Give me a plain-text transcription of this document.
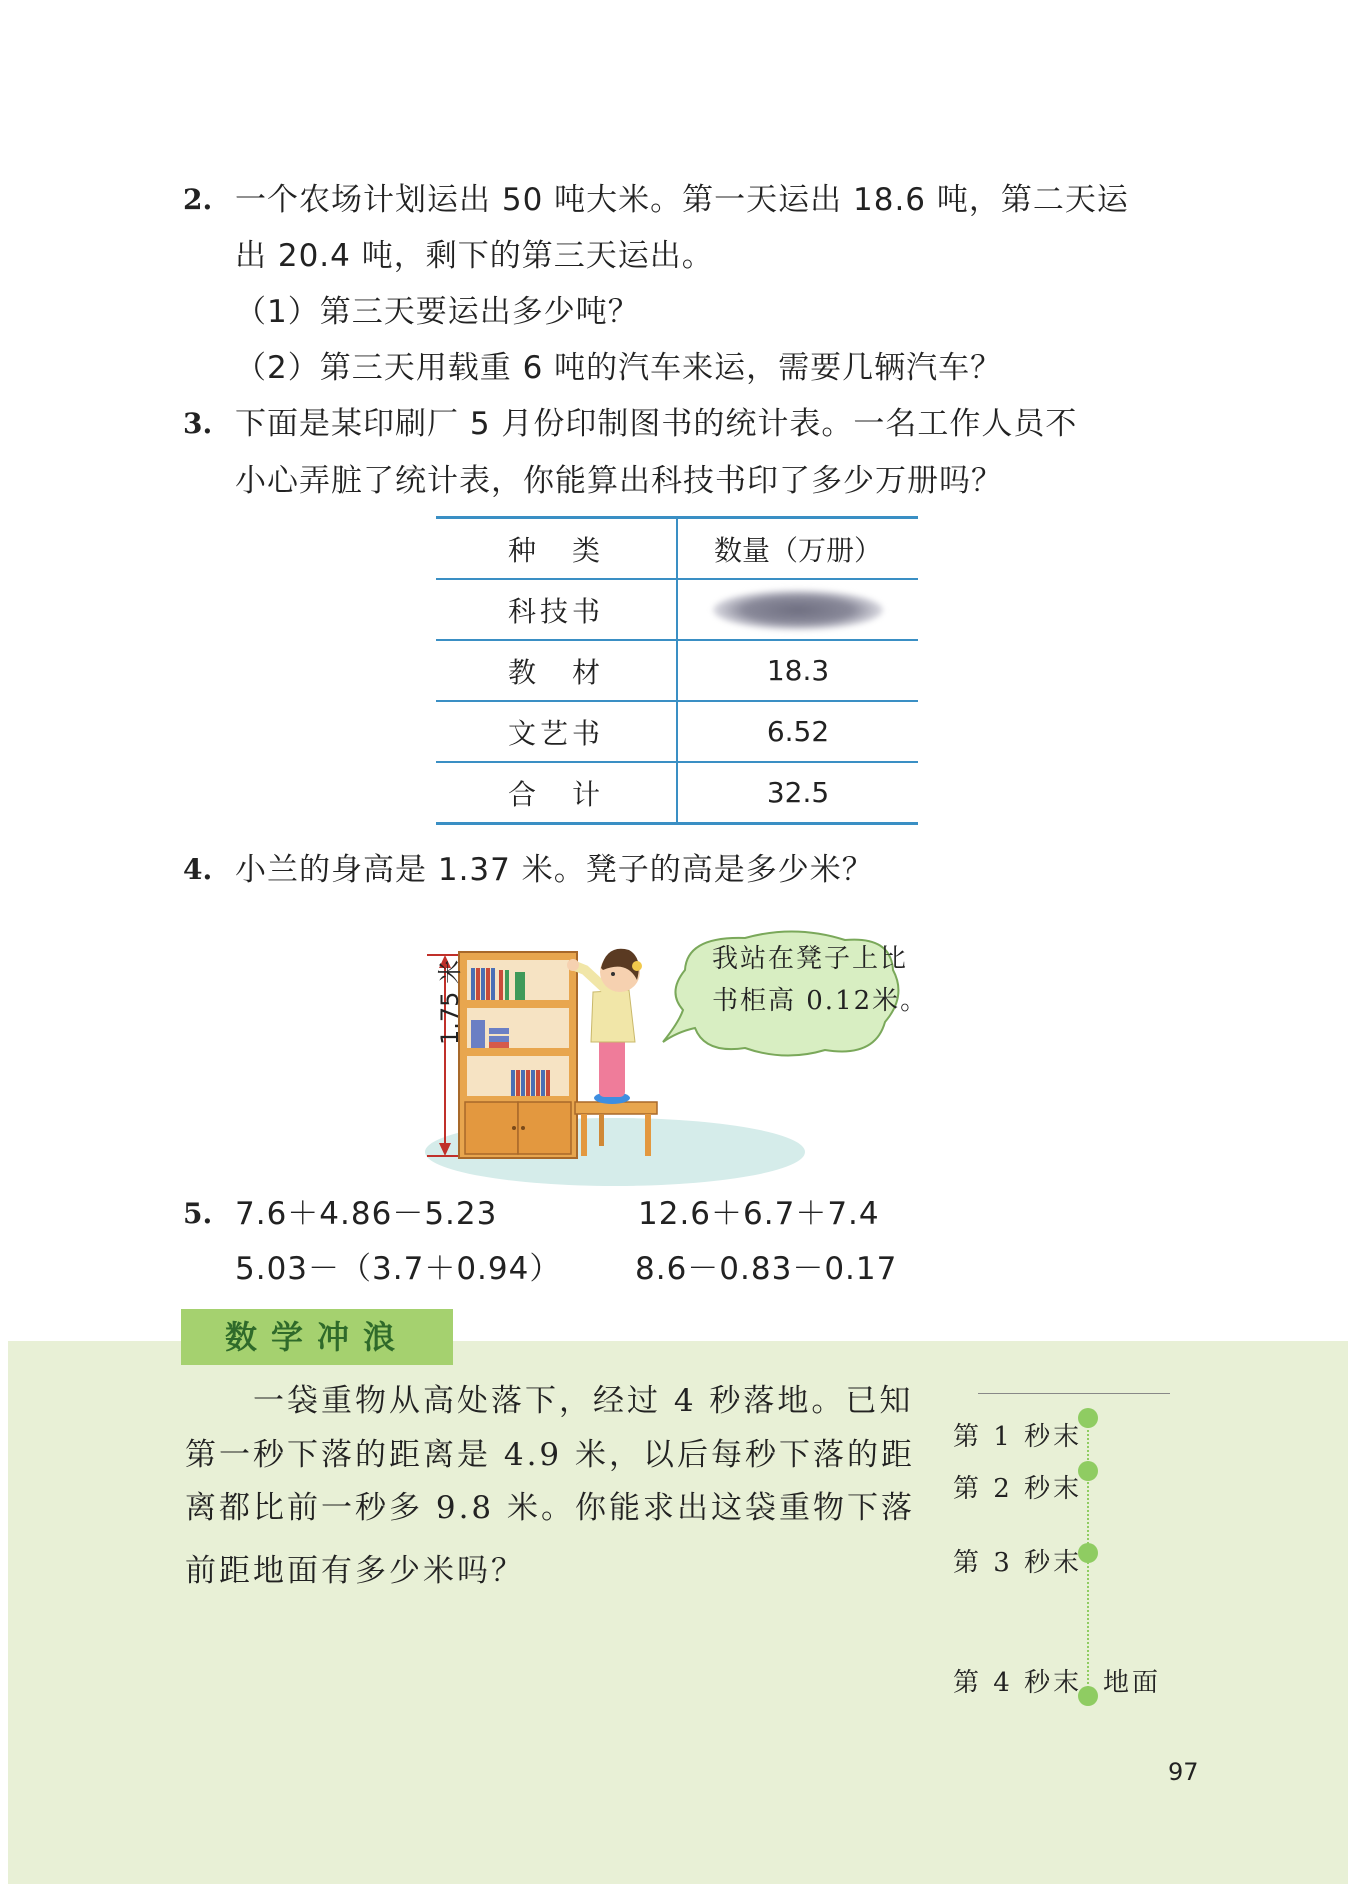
2. 一个农场计划运出 50 吨大米。第一天运出 18.6 吨，第二天运
出 20.4 吨，剩下的第三天运出。
（1）第三天要运出多少吨？
（2）第三天用载重 6 吨的汽车来运，需要几辆汽车？
3. 下面是某印刷厂 5 月份印制图书的统计表。一名工作人员不
小心弄脏了统计表，你能算出科技书印了多少万册吗？
种　类	数量（万册）
科技书	
教　材	18.3
文艺书	6.52
合　计	32.5
4. 小兰的身高是 1.37 米。凳子的高是多少米？
1.75 米
我站在凳子上比
书柜高 0.12米。
5. 7.6＋4.86－5.23	12.6＋6.7＋7.4
5.03－（3.7＋0.94） 8.6－0.83－0.17
数学冲浪
一袋重物从高处落下，经过 4 秒落地。已知
第一秒下落的距离是 4.9 米，以后每秒下落的距
离都比前一秒多 9.8 米。你能求出这袋重物下落
前距地面有多少米吗？
第 1 秒末
第 2 秒末
第 3 秒末
第 4 秒末 地面
97
